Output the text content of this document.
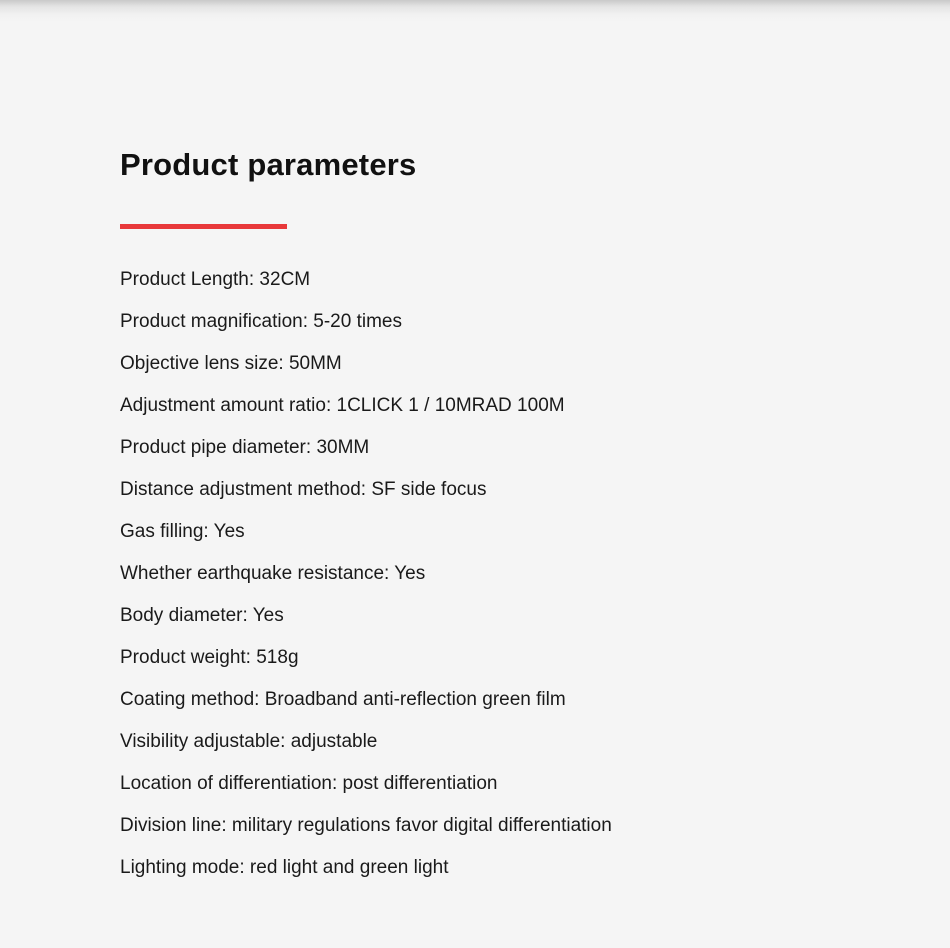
Product parameters
Product Length: 32CM
Product magnification: 5-20 times
Objective lens size: 50MM
Adjustment amount ratio: 1CLICK 1 / 10MRAD 100M
Product pipe diameter: 30MM
Distance adjustment method: SF side focus
Gas filling: Yes
Whether earthquake resistance: Yes
Body diameter: Yes
Product weight: 518g
Coating method: Broadband anti-reflection green film
Visibility adjustable: adjustable
Location of differentiation: post differentiation
Division line: military regulations favor digital differentiation
Lighting mode: red light and green light
